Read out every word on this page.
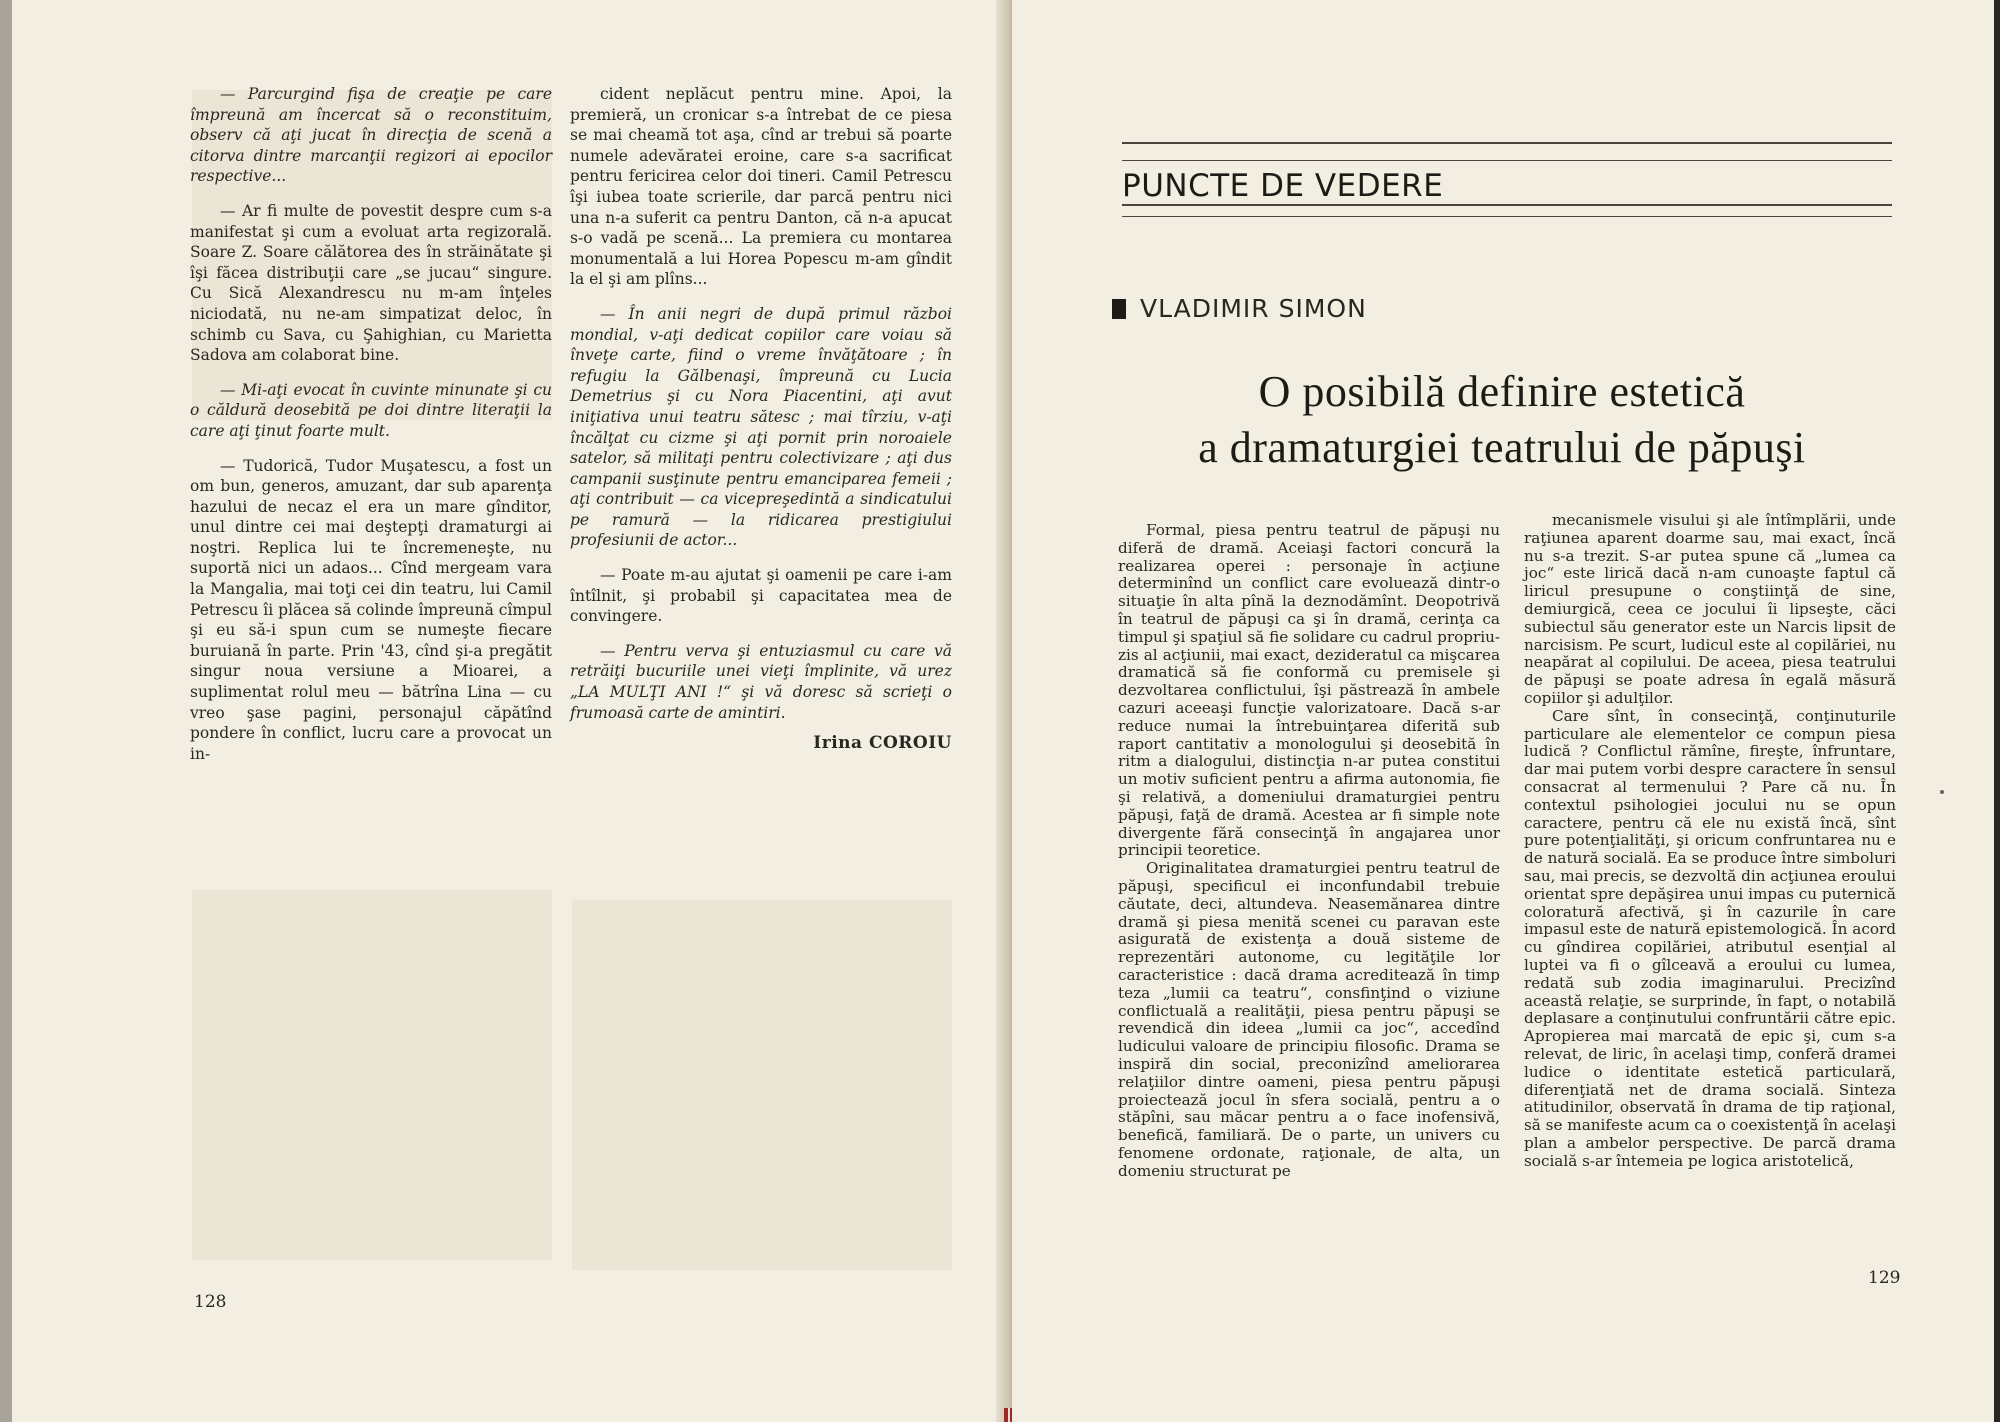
— Parcurgind fişa de creaţie pe care împreună am încercat să o reconstituim, observ că aţi jucat în direcţia de scenă a citorva dintre marcanţii regizori ai epocilor respective...

— Ar fi multe de povestit despre cum s-a manifestat şi cum a evoluat arta regizorală. Soare Z. Soare călătorea des în străinătate şi îşi făcea distribuţii care „se jucau“ singure. Cu Sică Alexandrescu nu m-am înţeles niciodată, nu ne-am simpatizat deloc, în schimb cu Sava, cu Şahighian, cu Marietta Sadova am colaborat bine.

— Mi-aţi evocat în cuvinte minunate şi cu o căldură deosebită pe doi dintre literaţii la care aţi ţinut foarte mult.

— Tudorică, Tudor Muşatescu, a fost un om bun, generos, amuzant, dar sub aparenţa hazului de necaz el era un mare gînditor, unul dintre cei mai deştepţi dramaturgi ai noştri. Replica lui te încremeneşte, nu suportă nici un adaos... Cînd mergeam vara la Mangalia, mai toţi cei din teatru, lui Camil Petrescu îi plăcea să colinde împreună cîmpul şi eu să-i spun cum se numeşte fiecare buruiană în parte. Prin '43, cînd şi-a pregătit singur noua versiune a Mioarei, a suplimentat rolul meu — bătrîna Lina — cu vreo şase pagini, personajul căpătînd pondere în conflict, lucru care a provocat un in-

cident neplăcut pentru mine. Apoi, la premieră, un cronicar s-a întrebat de ce piesa se mai cheamă tot aşa, cînd ar trebui să poarte numele adevăratei eroine, care s-a sacrificat pentru fericirea celor doi tineri. Camil Petrescu îşi iubea toate scrierile, dar parcă pentru nici una n-a suferit ca pentru Danton, că n-a apucat s-o vadă pe scenă... La premiera cu montarea monumentală a lui Horea Popescu m-am gîndit la el şi am plîns...

— În anii negri de după primul război mondial, v-aţi dedicat copiilor care voiau să înveţe carte, fiind o vreme învăţătoare ; în refugiu la Gălbenaşi, împreună cu Lucia Demetrius şi cu Nora Piacentini, aţi avut iniţiativa unui teatru sătesc ; mai tîrziu, v-aţi încălţat cu cizme şi aţi pornit prin noroaiele satelor, să militaţi pentru colectivizare ; aţi dus campanii susţinute pentru emanciparea femeii ; aţi contribuit — ca vicepreşedintă a sindicatului pe ramură — la ridicarea prestigiului profesiunii de actor...

— Poate m-au ajutat şi oamenii pe care i-am întîlnit, şi probabil şi capacitatea mea de convingere.

— Pentru verva şi entuziasmul cu care vă retrăiţi bucuriile unei vieţi împlinite, vă urez „LA MULŢI ANI !“ şi vă doresc să scrieţi o frumoasă carte de amintiri.

Irina COROIU
128
PUNCTE DE VEDERE
VLADIMIR SIMON
O posibilă definire estetică
a dramaturgiei teatrului de păpuşi

Formal, piesa pentru teatrul de păpuşi nu diferă de dramă. Aceiaşi factori concură la realizarea operei : personaje în acţiune determinînd un conflict care evoluează dintr-o situaţie în alta pînă la deznodămînt. Deopotrivă în teatrul de păpuşi ca şi în dramă, cerinţa ca timpul şi spaţiul să fie solidare cu cadrul propriu-zis al acţiunii, mai exact, dezideratul ca mişcarea dramatică să fie conformă cu premisele şi dezvoltarea conflictului, îşi păstrează în ambele cazuri aceeaşi funcţie valorizatoare. Dacă s-ar reduce numai la întrebuinţarea diferită sub raport cantitativ a monologului şi deosebită în ritm a dialogului, distincţia n-ar putea constitui un motiv suficient pentru a afirma autonomia, fie şi relativă, a domeniului dramaturgiei pentru păpuşi, faţă de dramă. Acestea ar fi simple note divergente fără consecinţă în angajarea unor principii teoretice.

Originalitatea dramaturgiei pentru teatrul de păpuşi, specificul ei inconfundabil trebuie căutate, deci, altundeva. Neasemănarea dintre dramă şi piesa menită scenei cu paravan este asigurată de existenţa a două sisteme de reprezentări autonome, cu legităţile lor caracteristice : dacă drama acreditează în timp teza „lumii ca teatru“, consfinţind o viziune conflictuală a realităţii, piesa pentru păpuşi se revendică din ideea „lumii ca joc“, accedînd ludicului valoare de principiu filosofic. Drama se inspiră din social, preconizînd ameliorarea relaţiilor dintre oameni, piesa pentru păpuşi proiectează jocul în sfera socială, pentru a o stăpîni, sau măcar pentru a o face inofensivă, benefică, familiară. De o parte, un univers cu fenomene ordonate, raţionale, de alta, un domeniu structurat pe

mecanismele visului şi ale întîmplării, unde raţiunea aparent doarme sau, mai exact, încă nu s-a trezit. S-ar putea spune că „lumea ca joc“ este lirică dacă n-am cunoaşte faptul că liricul presupune o conştiinţă de sine, demiurgică, ceea ce jocului îi lipseşte, căci subiectul său generator este un Narcis lipsit de narcisism. Pe scurt, ludicul este al copilăriei, nu neapărat al copilului. De aceea, piesa teatrului de păpuşi se poate adresa în egală măsură copiilor şi adulţilor.

Care sînt, în consecinţă, conţinuturile particulare ale elementelor ce compun piesa ludică ? Conflictul rămîne, fireşte, înfruntare, dar mai putem vorbi despre caractere în sensul consacrat al termenului ? Pare că nu. În contextul psihologiei jocului nu se opun caractere, pentru că ele nu există încă, sînt pure potenţialităţi, şi oricum confruntarea nu e de natură socială. Ea se produce între simboluri sau, mai precis, se dezvoltă din acţiunea eroului orientat spre depăşirea unui impas cu puternică coloratură afectivă, şi în cazurile în care impasul este de natură epistemologică. În acord cu gîndirea copilăriei, atributul esenţial al luptei va fi o gîlceavă a eroului cu lumea, redată sub zodia imaginarului. Precizînd această relaţie, se surprinde, în fapt, o notabilă deplasare a conţinutului confruntării către epic. Apropierea mai marcată de epic şi, cum s-a relevat, de liric, în acelaşi timp, conferă dramei ludice o identitate estetică particulară, diferenţiată net de drama socială. Sinteza atitudinilor, observată în drama de tip raţional, să se manifeste acum ca o coexistenţă în acelaşi plan a ambelor perspective. De parcă drama socială s-ar întemeia pe logica aristotelică,

129
